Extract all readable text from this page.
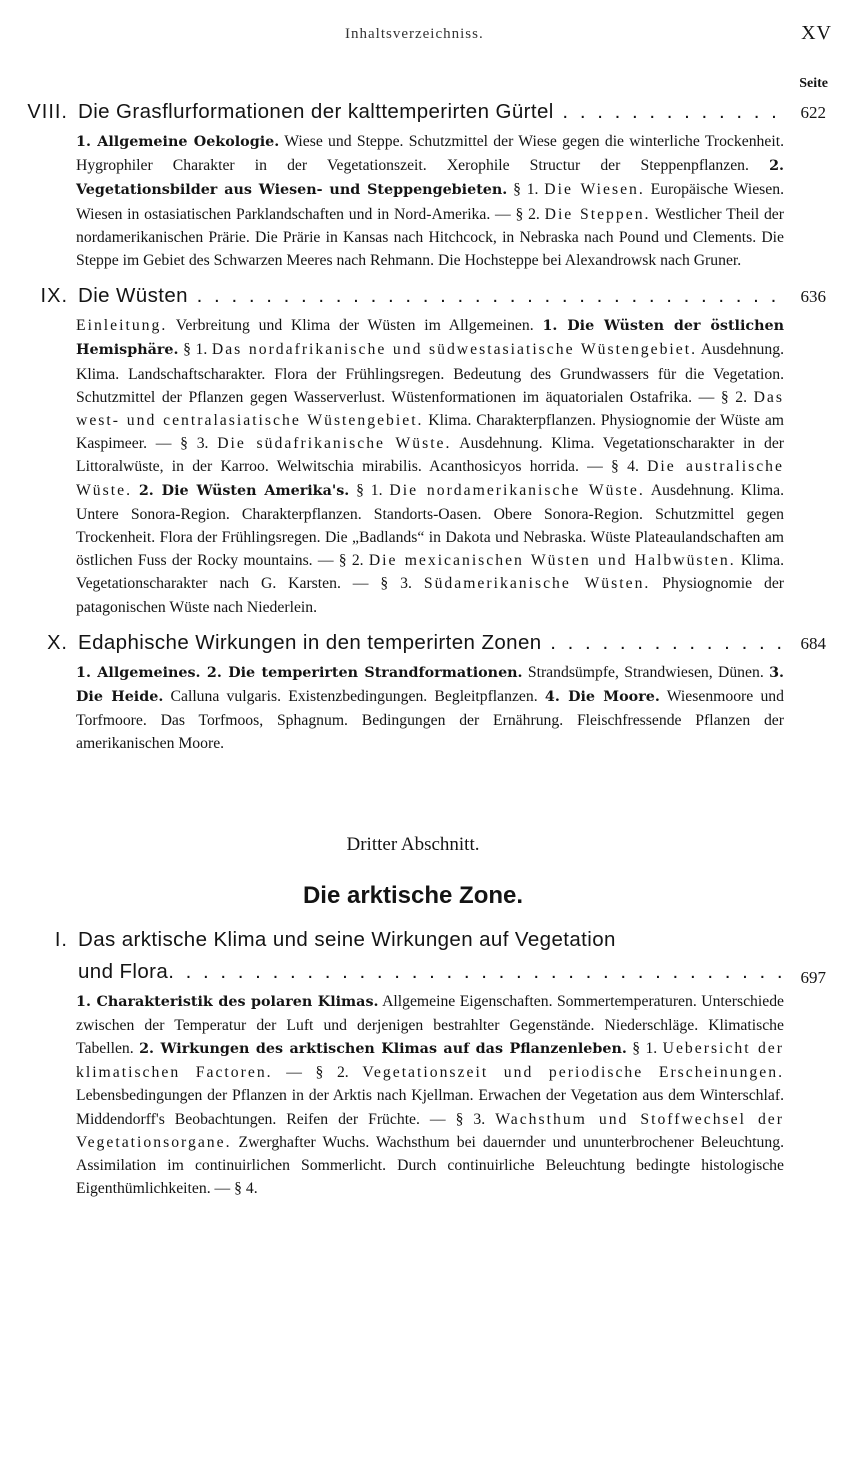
Inhaltsverzeichniss.	XV
Seite
VIII. Die Grasflurformationen der kalttemperirten Gürtel . . .	622
1. Allgemeine Oekologie. Wiese und Steppe. Schutzmittel der Wiese gegen die winterliche Trockenheit. Hygrophiler Charakter in der Vegetationszeit. Xerophile Structur der Steppenpflanzen. 2. Vegetationsbilder aus Wiesen- und Steppengebieten. § 1. Die Wiesen. Europäische Wiesen. Wiesen in ostasiatischen Parklandschaften und in Nord-Amerika. — § 2. Die Steppen. Westlicher Theil der nordamerikanischen Prärie. Die Prärie in Kansas nach Hitchcock, in Nebraska nach Pound und Clements. Die Steppe im Gebiet des Schwarzen Meeres nach Rehmann. Die Hochsteppe bei Alexandrowsk nach Gruner.
IX. Die Wüsten . . .	636
Einleitung. Verbreitung und Klima der Wüsten im Allgemeinen. 1. Die Wüsten der östlichen Hemisphäre. § 1. Das nordafrikanische und südwestasiatische Wüstengebiet. Ausdehnung. Klima. Landschaftscharakter. Flora der Frühlingsregen. Bedeutung des Grundwassers für die Vegetation. Schutzmittel der Pflanzen gegen Wasserverlust. Wüstenformationen im äquatorialen Ostafrika. — § 2. Das west- und centralasiatische Wüstengebiet. Klima. Charakterpflanzen. Physiognomie der Wüste am Kaspimeer. — § 3. Die südafrikanische Wüste. Ausdehnung. Klima. Vegetationscharakter in der Littoralwüste, in der Karroo. Welwitschia mirabilis. Acanthosicyos horrida. — § 4. Die australische Wüste. 2. Die Wüsten Amerika's. § 1. Die nordamerikanische Wüste. Ausdehnung. Klima. Untere Sonora-Region. Charakterpflanzen. Standorts-Oasen. Obere Sonora-Region. Schutzmittel gegen Trockenheit. Flora der Frühlingsregen. Die „Badlands“ in Dakota und Nebraska. Wüste Plateaulandschaften am östlichen Fuss der Rocky mountains. — § 2. Die mexicanischen Wüsten und Halbwüsten. Klima. Vegetationscharakter nach G. Karsten. — § 3. Südamerikanische Wüsten. Physiognomie der patagonischen Wüste nach Niederlein.
X. Edaphische Wirkungen in den temperirten Zonen . . .	684
1. Allgemeines. 2. Die temperirten Strandformationen. Strandsümpfe, Strandwiesen, Dünen. 3. Die Heide. Calluna vulgaris. Existenzbedingungen. Begleitpflanzen. 4. Die Moore. Wiesenmoore und Torfmoore. Das Torfmoos, Sphagnum. Bedingungen der Ernährung. Fleischfressende Pflanzen der amerikanischen Moore.
Dritter Abschnitt.
Die arktische Zone.
I. Das arktische Klima und seine Wirkungen auf Vegetation
und Flora . . .	697
1. Charakteristik des polaren Klimas. Allgemeine Eigenschaften. Sommertemperaturen. Unterschiede zwischen der Temperatur der Luft und derjenigen bestrahlter Gegenstände. Niederschläge. Klimatische Tabellen. 2. Wirkungen des arktischen Klimas auf das Pflanzenleben. § 1. Uebersicht der klimatischen Factoren. — § 2. Vegetationszeit und periodische Erscheinungen. Lebensbedingungen der Pflanzen in der Arktis nach Kjellman. Erwachen der Vegetation aus dem Winterschlaf. Middendorff's Beobachtungen. Reifen der Früchte. — § 3. Wachsthum und Stoffwechsel der Vegetationsorgane. Zwerghafter Wuchs. Wachsthum bei dauernder und ununterbrochener Beleuchtung. Assimilation im continuirlichen Sommerlicht. Durch continuirliche Beleuchtung bedingte histologische Eigenthümlichkeiten. — § 4.
